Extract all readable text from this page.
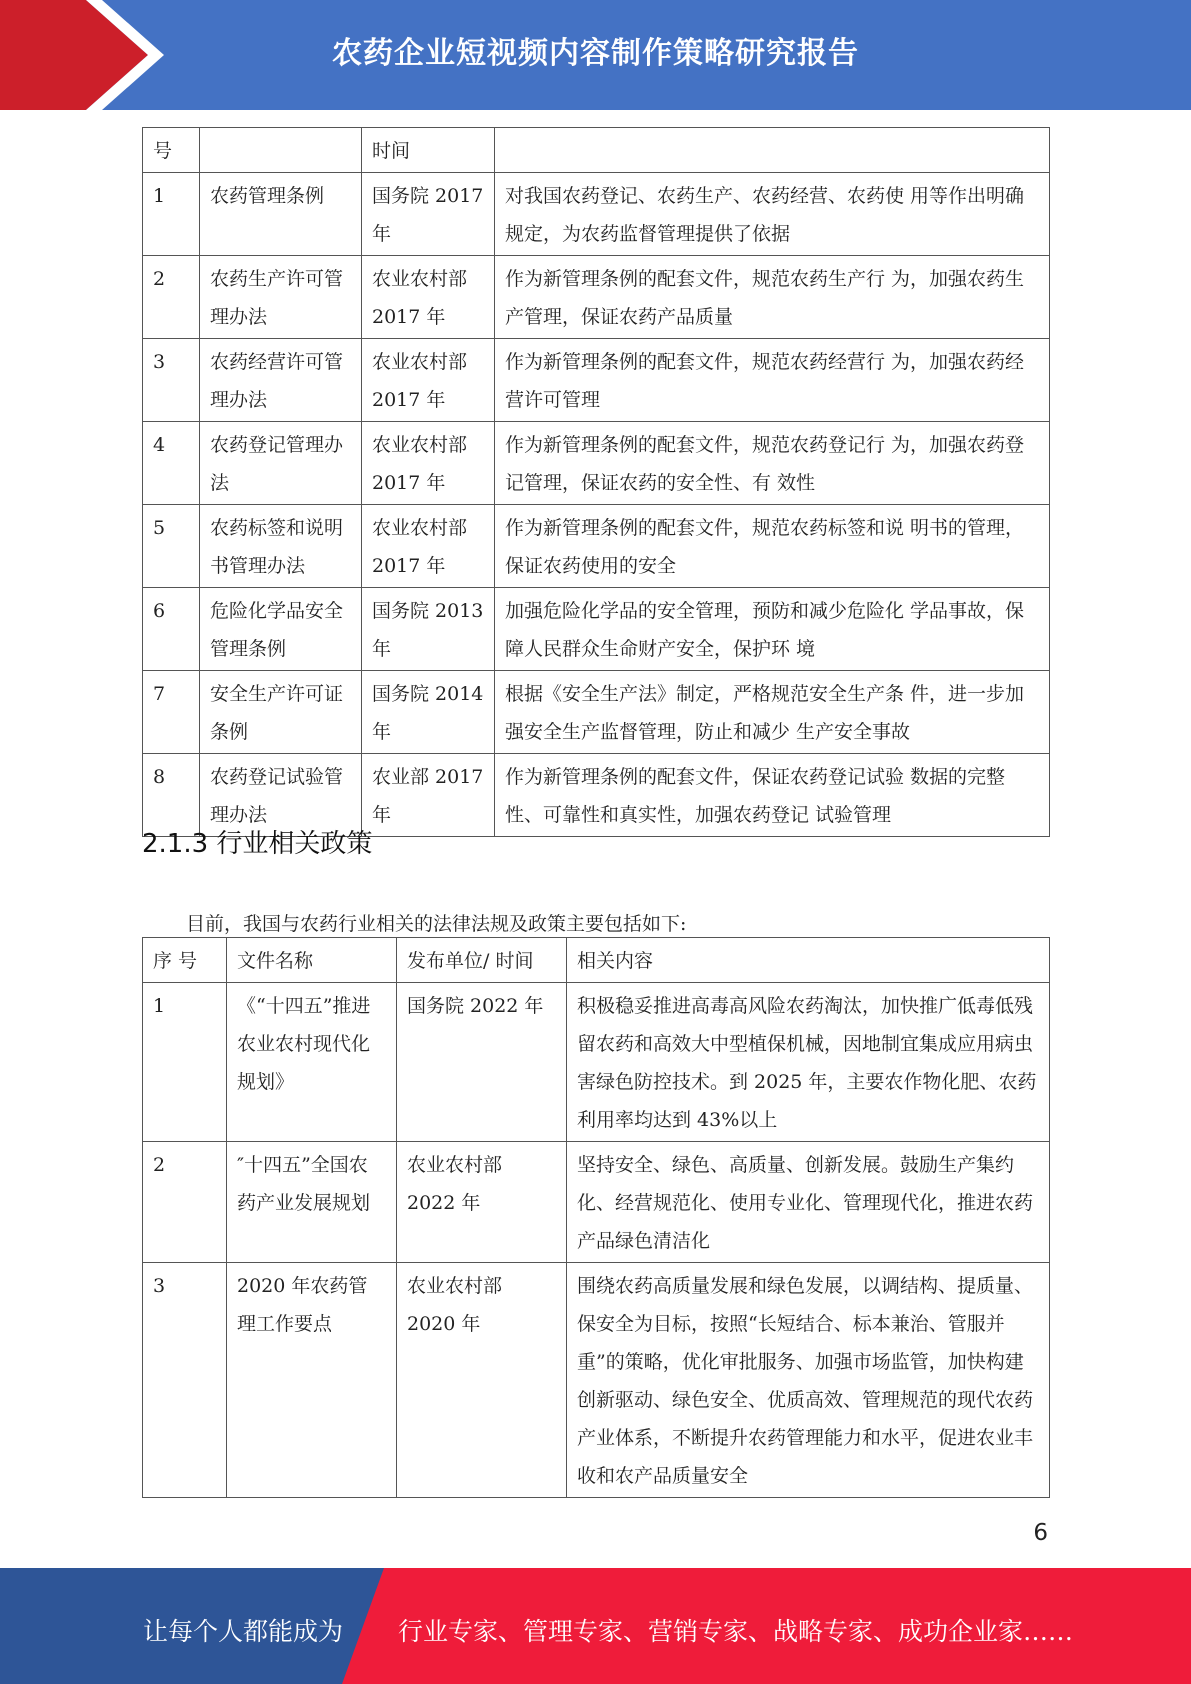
农药企业短视频内容制作策略研究报告
号		时间	
1	农药管理条例	国务院 2017 年	对我国农药登记、农药生产、农药经营、农药使 用等作出明确规定，为农药监督管理提供了依据
2	农药生产许可管理办法	农业农村部 2017 年	作为新管理条例的配套文件，规范农药生产行 为，加强农药生产管理，保证农药产品质量
3	农药经营许可管理办法	农业农村部 2017 年	作为新管理条例的配套文件，规范农药经营行 为，加强农药经营许可管理
4	农药登记管理办法	农业农村部 2017 年	作为新管理条例的配套文件，规范农药登记行 为，加强农药登记管理，保证农药的安全性、有 效性
5	农药标签和说明书管理办法	农业农村部 2017 年	作为新管理条例的配套文件，规范农药标签和说 明书的管理，保证农药使用的安全
6	危险化学品安全管理条例	国务院 2013 年	加强危险化学品的安全管理，预防和减少危险化 学品事故，保障人民群众生命财产安全，保护环 境
7	安全生产许可证条例	国务院 2014 年	根据《安全生产法》制定，严格规范安全生产条 件，进一步加强安全生产监督管理，防止和减少 生产安全事故
8	农药登记试验管理办法	农业部 2017 年	作为新管理条例的配套文件，保证农药登记试验 数据的完整性、可靠性和真实性，加强农药登记 试验管理
2.1.3 行业相关政策
目前，我国与农药行业相关的法律法规及政策主要包括如下:
序 号	文件名称	发布单位/ 时间	相关内容
1	《“十四五”推进农业农村现代化规划》	国务院 2022 年	积极稳妥推进高毒高风险农药淘汰，加快推广低毒低残留农药和高效大中型植保机械，因地制宜集成应用病虫害绿色防控技术。到 2025 年，主要农作物化肥、农药利用率均达到 43%以上
2	″十四五”全国农药产业发展规划	农业农村部 2022 年	坚持安全、绿色、高质量、创新发展。鼓励生产集约化、经营规范化、使用专业化、管理现代化，推进农药产品绿色清洁化
3	2020 年农药管理工作要点	农业农村部 2020 年	围绕农药高质量发展和绿色发展，以调结构、提质量、保安全为目标，按照“长短结合、标本兼治、管服并重”的策略，优化审批服务、加强市场监管，加快构建创新驱动、绿色安全、优质高效、管理规范的现代农药产业体系，不断提升农药管理能力和水平，促进农业丰收和农产品质量安全
6
让每个人都能成为 行业专家、管理专家、营销专家、战略专家、成功企业家……
